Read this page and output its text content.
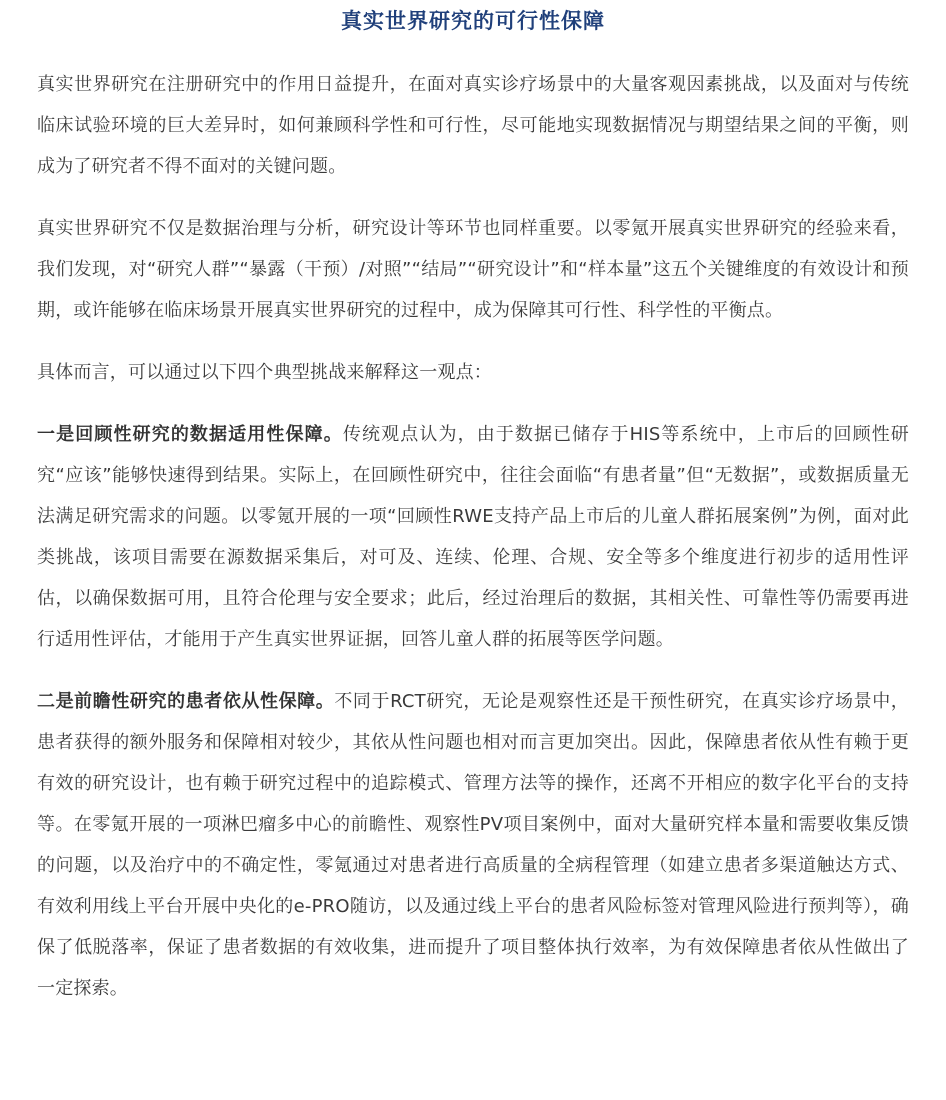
真实世界研究的可行性保障

真实世界研究在注册研究中的作用日益提升，在面对真实诊疗场景中的大量客观因素挑战，以及面对与传统临床试验环境的巨大差异时，如何兼顾科学性和可行性，尽可能地实现数据情况与期望结果之间的平衡，则成为了研究者不得不面对的关键问题。

真实世界研究不仅是数据治理与分析，研究设计等环节也同样重要。以零氪开展真实世界研究的经验来看，我们发现，对“研究人群”“暴露（干预）/对照”“结局”“研究设计”和“样本量”这五个关键维度的有效设计和预期，或许能够在临床场景开展真实世界研究的过程中，成为保障其可行性、科学性的平衡点。

具体而言，可以通过以下四个典型挑战来解释这一观点：

一是回顾性研究的数据适用性保障。传统观点认为，由于数据已储存于HIS等系统中，上市后的回顾性研究“应该”能够快速得到结果。实际上，在回顾性研究中，往往会面临“有患者量”但“无数据”，或数据质量无法满足研究需求的问题。以零氪开展的一项“回顾性RWE支持产品上市后的儿童人群拓展案例”为例，面对此类挑战，该项目需要在源数据采集后，对可及、连续、伦理、合规、安全等多个维度进行初步的适用性评估，以确保数据可用，且符合伦理与安全要求；此后，经过治理后的数据，其相关性、可靠性等仍需要再进行适用性评估，才能用于产生真实世界证据，回答儿童人群的拓展等医学问题。

二是前瞻性研究的患者依从性保障。不同于RCT研究，无论是观察性还是干预性研究，在真实诊疗场景中，患者获得的额外服务和保障相对较少，其依从性问题也相对而言更加突出。因此，保障患者依从性有赖于更有效的研究设计，也有赖于研究过程中的追踪模式、管理方法等的操作，还离不开相应的数字化平台的支持等。在零氪开展的一项淋巴瘤多中心的前瞻性、观察性PV项目案例中，面对大量研究样本量和需要收集反馈的问题，以及治疗中的不确定性，零氪通过对患者进行高质量的全病程管理（如建立患者多渠道触达方式、有效利用线上平台开展中央化的e-PRO随访，以及通过线上平台的患者风险标签对管理风险进行预判等），确保了低脱落率，保证了患者数据的有效收集，进而提升了项目整体执行效率，为有效保障患者依从性做出了一定探索。
